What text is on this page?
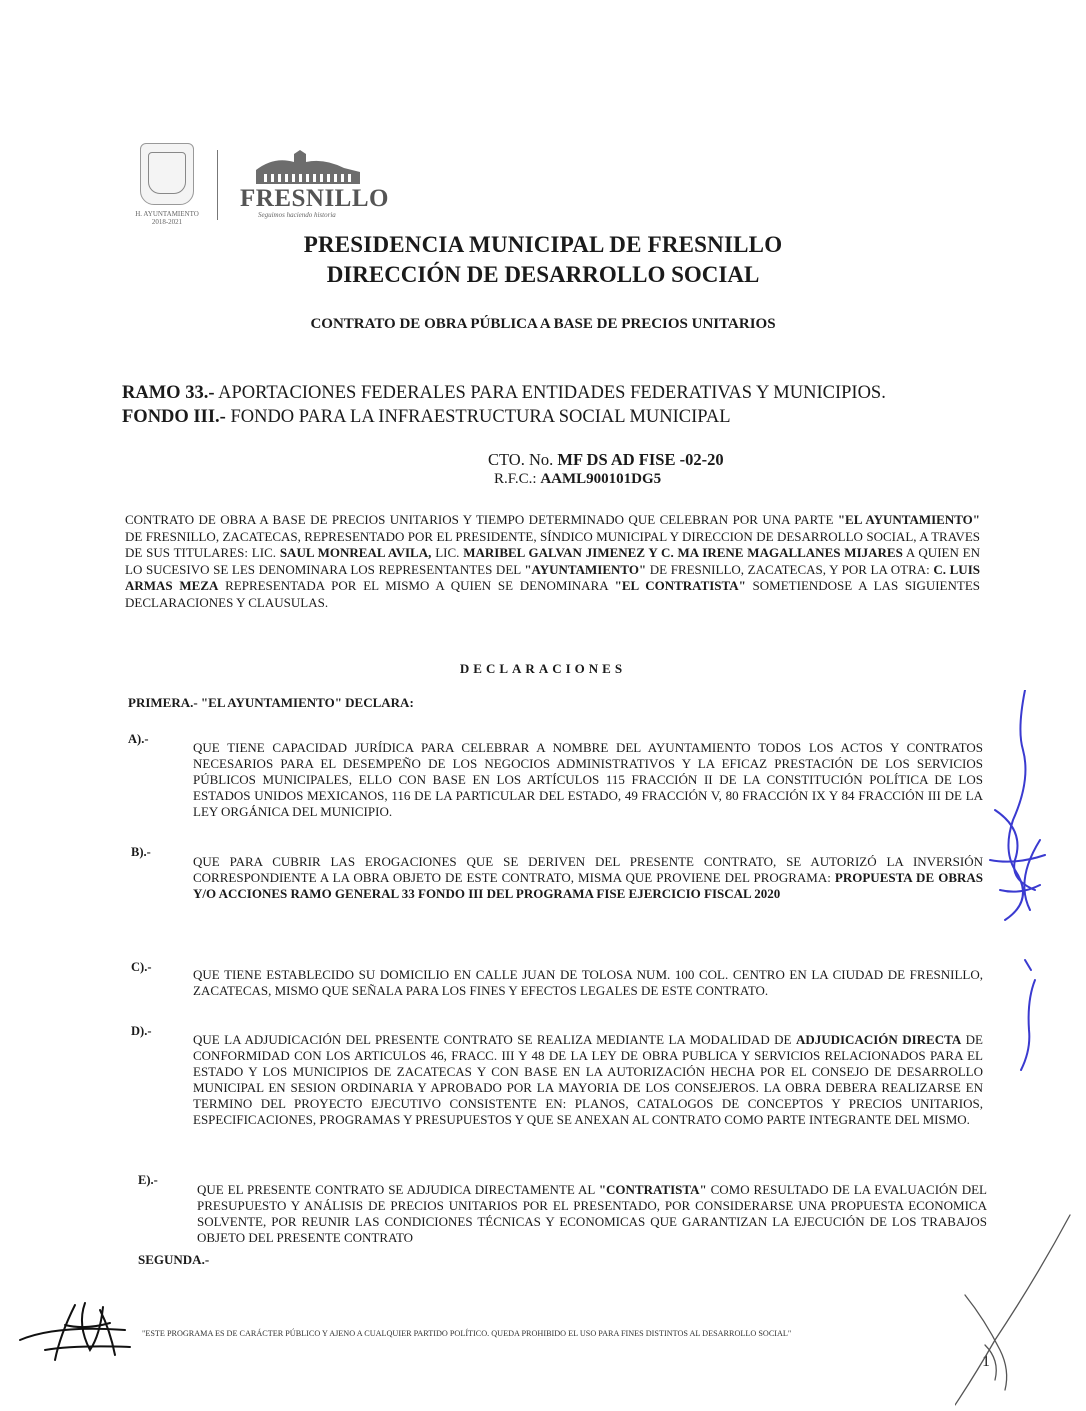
H. AYUNTAMIENTO
2018-2021
FRESNILLO
Seguimos haciendo historia
PRESIDENCIA MUNICIPAL DE FRESNILLO
DIRECCIÓN DE DESARROLLO SOCIAL
CONTRATO DE OBRA PÚBLICA A BASE DE PRECIOS UNITARIOS
RAMO 33.- APORTACIONES FEDERALES PARA ENTIDADES FEDERATIVAS Y MUNICIPIOS.
FONDO III.- FONDO PARA LA INFRAESTRUCTURA SOCIAL MUNICIPAL
CTO. No. MF DS AD FISE -02-20
R.F.C.: AAML900101DG5
CONTRATO DE OBRA A BASE DE PRECIOS UNITARIOS Y TIEMPO DETERMINADO QUE CELEBRAN POR UNA PARTE "EL AYUNTAMIENTO" DE FRESNILLO, ZACATECAS, REPRESENTADO POR EL PRESIDENTE, SÍNDICO MUNICIPAL Y DIRECCION DE DESARROLLO SOCIAL, A TRAVES DE SUS TITULARES: LIC. SAUL MONREAL AVILA, LIC. MARIBEL GALVAN JIMENEZ Y C. MA IRENE MAGALLANES MIJARES A QUIEN EN LO SUCESIVO SE LES DENOMINARA LOS REPRESENTANTES DEL "AYUNTAMIENTO" DE FRESNILLO, ZACATECAS, Y POR LA OTRA: C. LUIS ARMAS MEZA REPRESENTADA POR EL MISMO A QUIEN SE DENOMINARA "EL CONTRATISTA" SOMETIENDOSE A LAS SIGUIENTES DECLARACIONES Y CLAUSULAS.
DECLARACIONES
PRIMERA.- "EL AYUNTAMIENTO" DECLARA:
A).-
QUE TIENE CAPACIDAD JURÍDICA PARA CELEBRAR A NOMBRE DEL AYUNTAMIENTO TODOS LOS ACTOS Y CONTRATOS NECESARIOS PARA EL DESEMPEÑO DE LOS NEGOCIOS ADMINISTRATIVOS Y LA EFICAZ PRESTACIÓN DE LOS SERVICIOS PÚBLICOS MUNICIPALES, ELLO CON BASE EN LOS ARTÍCULOS 115 FRACCIÓN II DE LA CONSTITUCIÓN POLÍTICA DE LOS ESTADOS UNIDOS MEXICANOS, 116 DE LA PARTICULAR DEL ESTADO, 49 FRACCIÓN V, 80 FRACCIÓN IX Y 84 FRACCIÓN III DE LA LEY ORGÁNICA DEL MUNICIPIO.
B).-
QUE PARA CUBRIR LAS EROGACIONES QUE SE DERIVEN DEL PRESENTE CONTRATO, SE AUTORIZÓ LA INVERSIÓN CORRESPONDIENTE A LA OBRA OBJETO DE ESTE CONTRATO, MISMA QUE PROVIENE DEL PROGRAMA: PROPUESTA DE OBRAS Y/O ACCIONES RAMO GENERAL 33 FONDO III DEL PROGRAMA FISE EJERCICIO FISCAL 2020
C).-	QUE TIENE ESTABLECIDO SU DOMICILIO EN CALLE JUAN DE TOLOSA NUM. 100 COL. CENTRO EN LA CIUDAD DE FRESNILLO, ZACATECAS, MISMO QUE SEÑALA PARA LOS FINES Y EFECTOS LEGALES DE ESTE CONTRATO.
D).-
QUE LA ADJUDICACIÓN DEL PRESENTE CONTRATO SE REALIZA MEDIANTE LA MODALIDAD DE ADJUDICACIÓN DIRECTA DE CONFORMIDAD CON LOS ARTICULOS 46, FRACC. III Y 48 DE LA LEY DE OBRA PUBLICA Y SERVICIOS RELACIONADOS PARA EL ESTADO Y LOS MUNICIPIOS DE ZACATECAS Y CON BASE EN LA AUTORIZACIÓN HECHA POR EL CONSEJO DE DESARROLLO MUNICIPAL EN SESION ORDINARIA Y APROBADO POR LA MAYORIA DE LOS CONSEJEROS. LA OBRA DEBERA REALIZARSE EN TERMINO DEL PROYECTO EJECUTIVO CONSISTENTE EN: PLANOS, CATALOGOS DE CONCEPTOS Y PRECIOS UNITARIOS, ESPECIFICACIONES, PROGRAMAS Y PRESUPUESTOS Y QUE SE ANEXAN AL CONTRATO COMO PARTE INTEGRANTE DEL MISMO.
E).-
QUE EL PRESENTE CONTRATO SE ADJUDICA DIRECTAMENTE AL "CONTRATISTA" COMO RESULTADO DE LA EVALUACIÓN DEL PRESUPUESTO Y ANÁLISIS DE PRECIOS UNITARIOS POR EL PRESENTADO, POR CONSIDERARSE UNA PROPUESTA ECONOMICA SOLVENTE, POR REUNIR LAS CONDICIONES TÉCNICAS Y ECONOMICAS QUE GARANTIZAN LA EJECUCIÓN DE LOS TRABAJOS OBJETO DEL PRESENTE CONTRATO
SEGUNDA.-
"ESTE PROGRAMA ES DE CARÁCTER PÚBLICO Y AJENO A CUALQUIER PARTIDO POLÍTICO. QUEDA PROHIBIDO EL USO PARA FINES DISTINTOS AL DESARROLLO SOCIAL"
1
